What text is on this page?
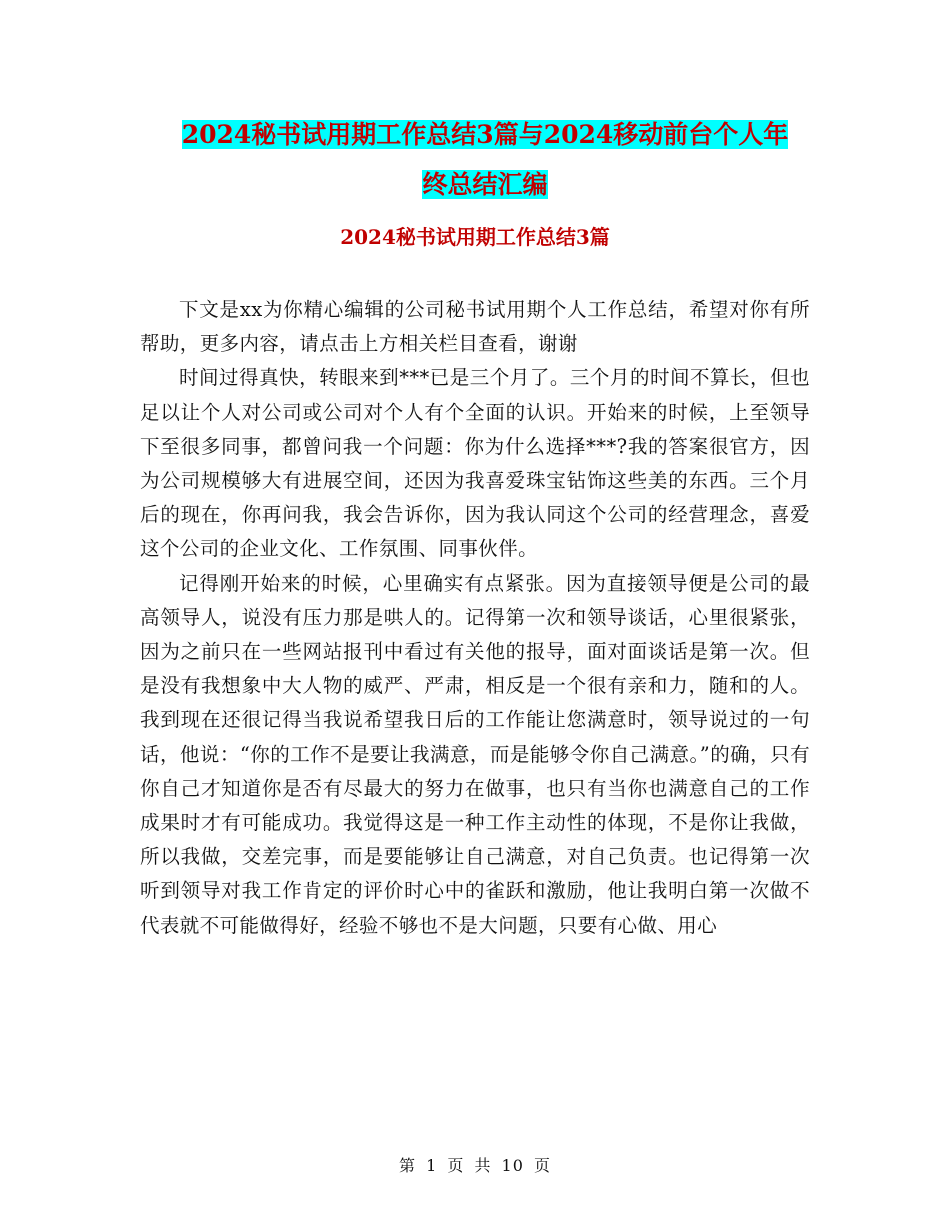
2024秘书试用期工作总结3篇与2024移动前台个人年
终总结汇编
2024秘书试用期工作总结3篇

下文是xx为你精心编辑的公司秘书试用期个人工作总结，希望对你有所帮助，更多内容，请点击上方相关栏目查看，谢谢

时间过得真快，转眼来到***已是三个月了。三个月的时间不算长，但也足以让个人对公司或公司对个人有个全面的认识。开始来的时候，上至领导下至很多同事，都曾问我一个问题：你为什么选择***?我的答案很官方，因为公司规模够大有进展空间，还因为我喜爱珠宝钻饰这些美的东西。三个月后的现在，你再问我，我会告诉你，因为我认同这个公司的经营理念，喜爱这个公司的企业文化、工作氛围、同事伙伴。

记得刚开始来的时候，心里确实有点紧张。因为直接领导便是公司的最高领导人，说没有压力那是哄人的。记得第一次和领导谈话，心里很紧张，因为之前只在一些网站报刊中看过有关他的报导，面对面谈话是第一次。但是没有我想象中大人物的威严、严肃，相反是一个很有亲和力，随和的人。我到现在还很记得当我说希望我日后的工作能让您满意时，领导说过的一句话，他说：“你的工作不是要让我满意，而是能够令你自己满意。”的确，只有你自己才知道你是否有尽最大的努力在做事，也只有当你也满意自己的工作成果时才有可能成功。我觉得这是一种工作主动性的体现，不是你让我做，所以我做，交差完事，而是要能够让自己满意，对自己负责。也记得第一次听到领导对我工作肯定的评价时心中的雀跃和激励，他让我明白第一次做不代表就不可能做得好，经验不够也不是大问题，只要有心做、用心

第 1 页 共 10 页
